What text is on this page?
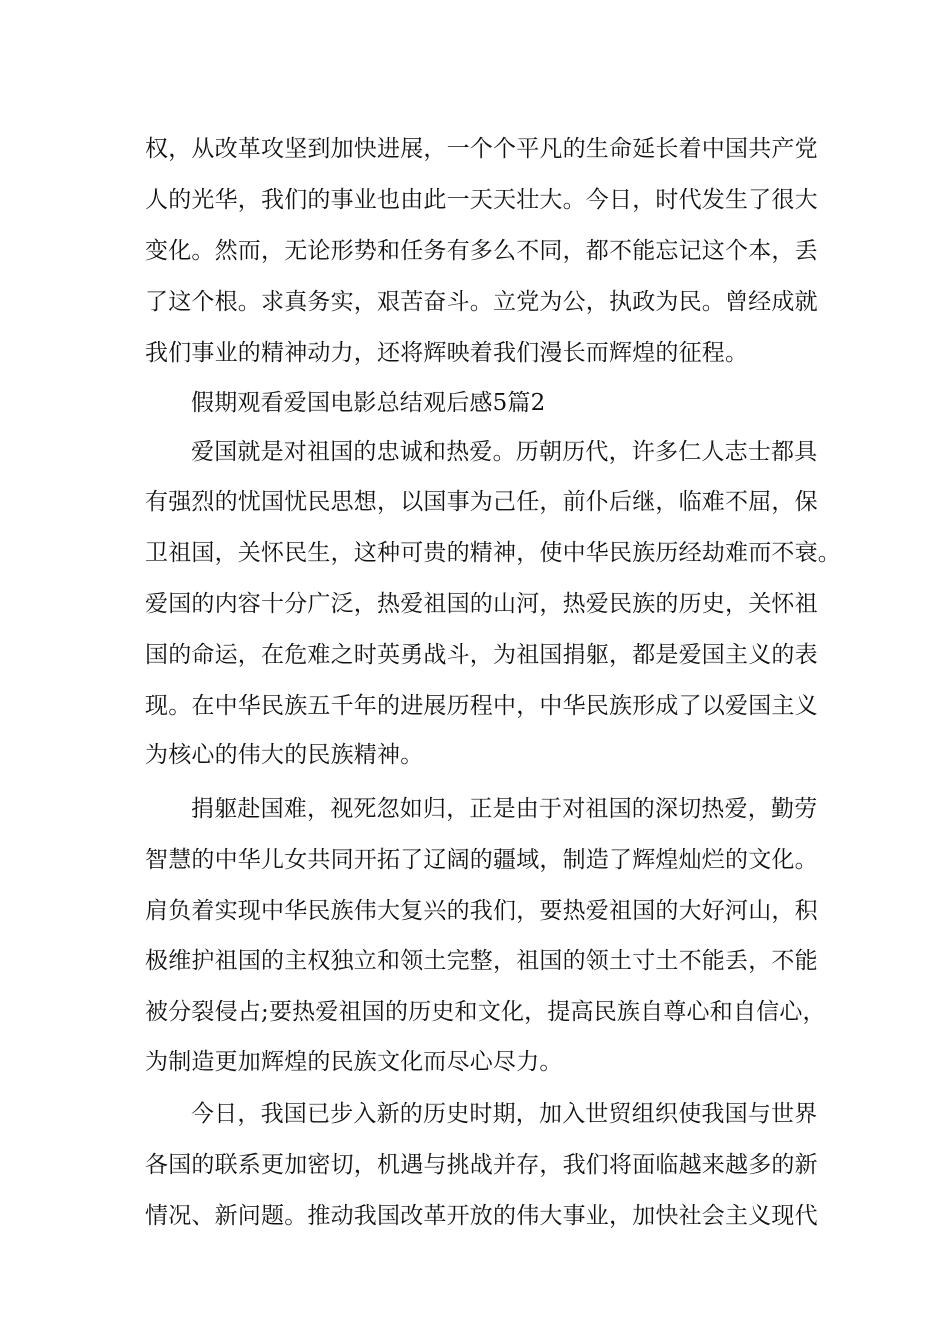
权，从改革攻坚到加快进展，一个个平凡的生命延长着中国共产党
人的光华，我们的事业也由此一天天壮大。今日，时代发生了很大
变化。然而，无论形势和任务有多么不同，都不能忘记这个本，丢
了这个根。求真务实，艰苦奋斗。立党为公，执政为民。曾经成就
我们事业的精神动力，还将辉映着我们漫长而辉煌的征程。
假期观看爱国电影总结观后感5篇2
爱国就是对祖国的忠诚和热爱。历朝历代，许多仁人志士都具
有强烈的忧国忧民思想，以国事为己任，前仆后继，临难不屈，保
卫祖国，关怀民生，这种可贵的精神，使中华民族历经劫难而不衰。
爱国的内容十分广泛，热爱祖国的山河，热爱民族的历史，关怀祖
国的命运，在危难之时英勇战斗，为祖国捐躯，都是爱国主义的表
现。在中华民族五千年的进展历程中，中华民族形成了以爱国主义
为核心的伟大的民族精神。
捐躯赴国难，视死忽如归，正是由于对祖国的深切热爱，勤劳
智慧的中华儿女共同开拓了辽阔的疆域，制造了辉煌灿烂的文化。
肩负着实现中华民族伟大复兴的我们，要热爱祖国的大好河山，积
极维护祖国的主权独立和领土完整，祖国的领土寸土不能丢，不能
被分裂侵占;要热爱祖国的历史和文化，提高民族自尊心和自信心，
为制造更加辉煌的民族文化而尽心尽力。
今日，我国已步入新的历史时期，加入世贸组织使我国与世界
各国的联系更加密切，机遇与挑战并存，我们将面临越来越多的新
情况、新问题。推动我国改革开放的伟大事业，加快社会主义现代
